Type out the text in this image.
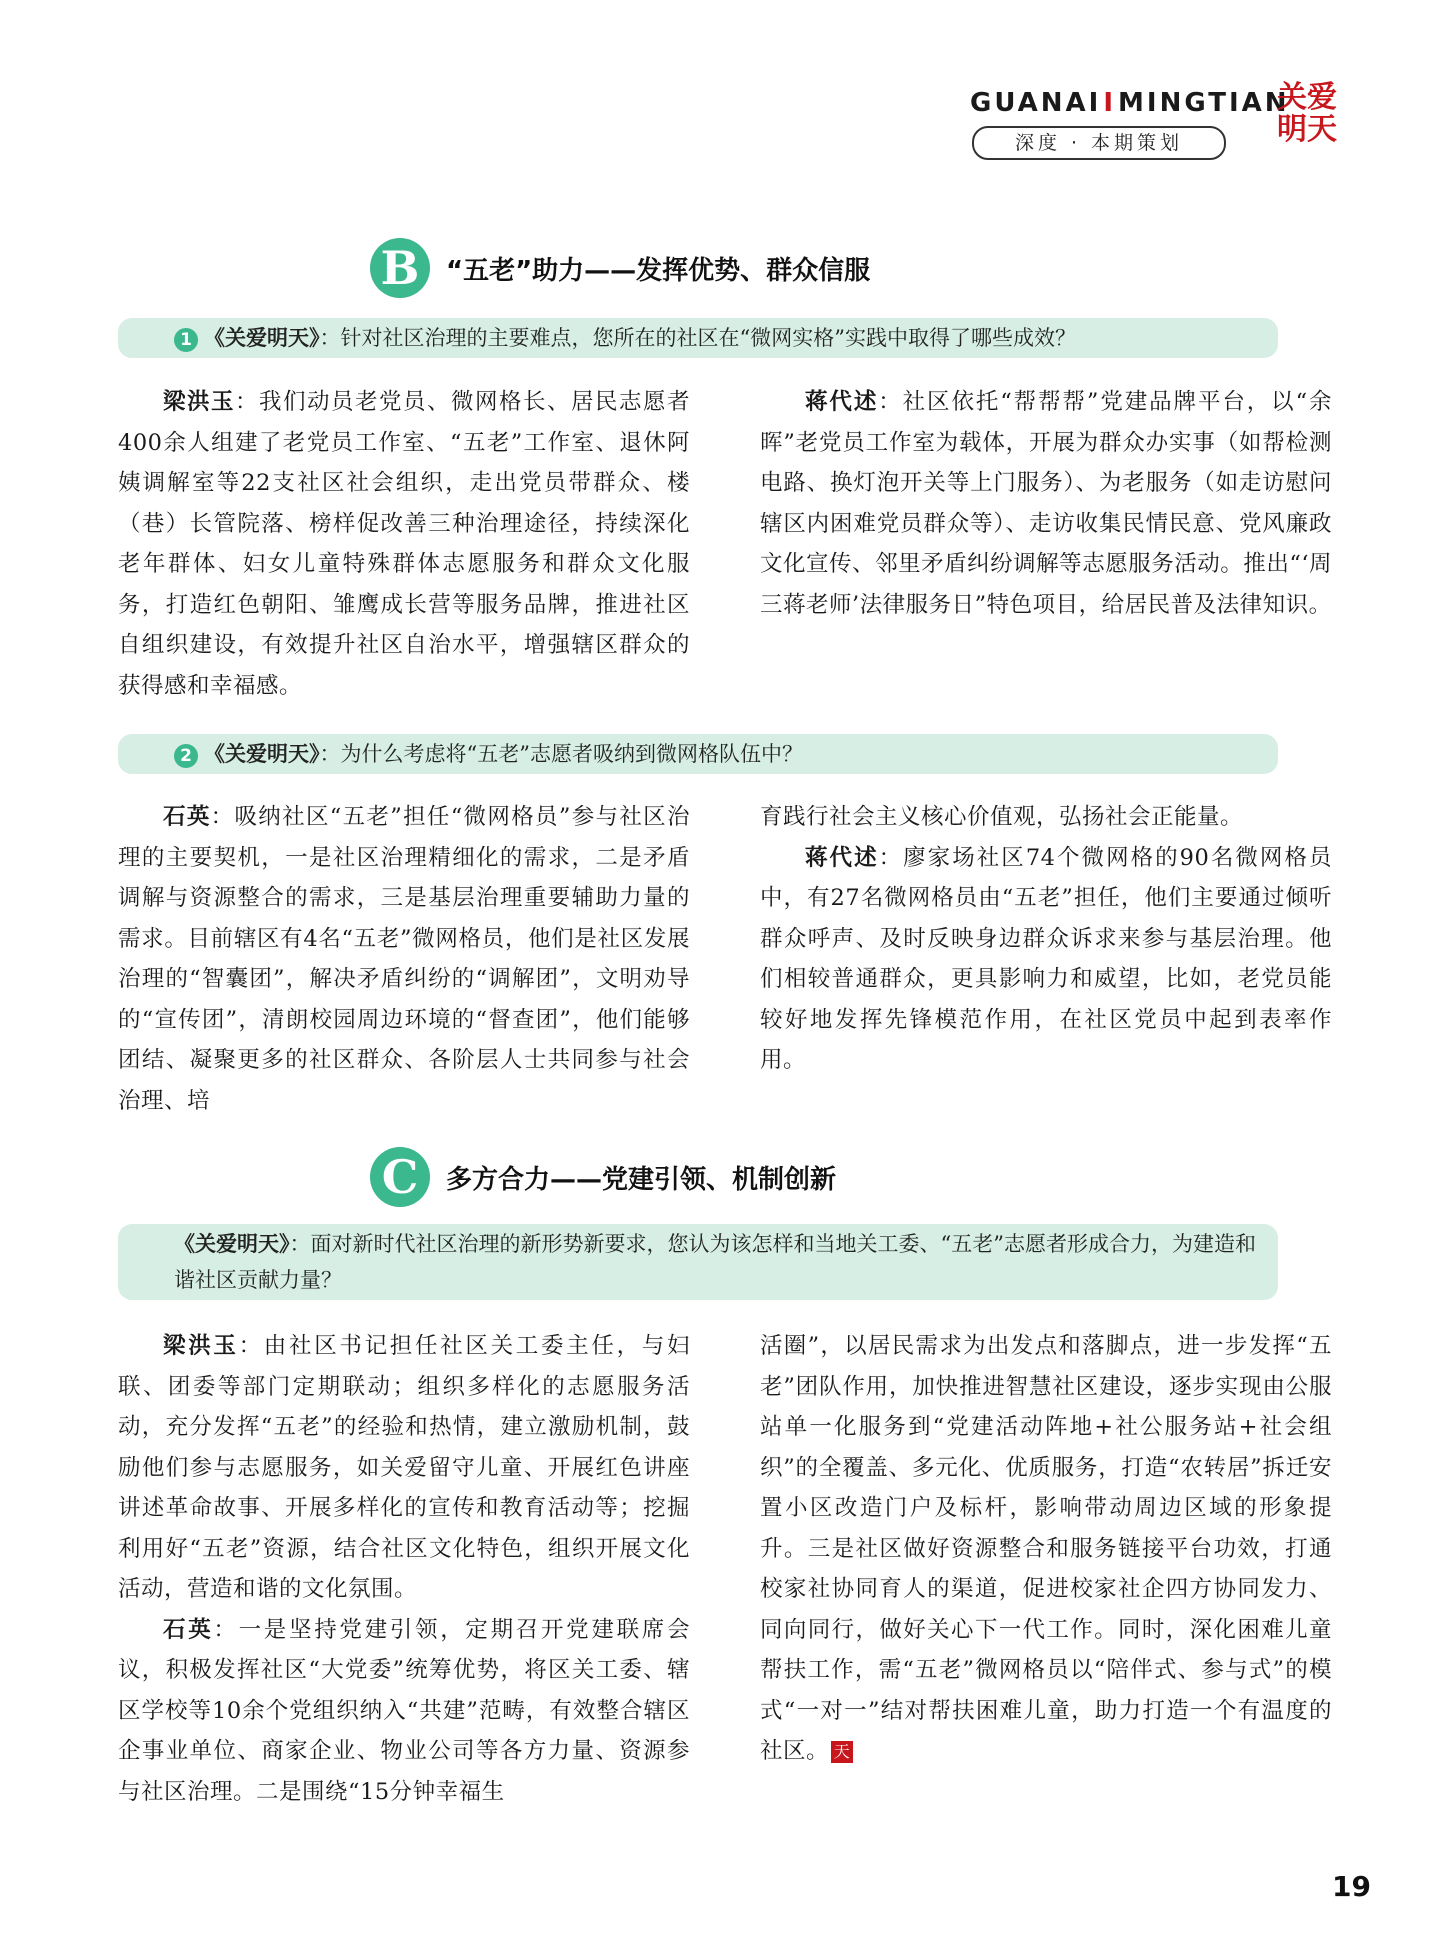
GUANAIIMINGTIAN
深度 · 本期策划
关爱
明天
B	“五老”助力——发挥优势、群众信服
1 《关爱明天》：针对社区治理的主要难点，您所在的社区在“微网实格”实践中取得了哪些成效？

梁洪玉：我们动员老党员、微网格长、居民志愿者400余人组建了老党员工作室、“五老”工作室、退休阿姨调解室等22支社区社会组织，走出党员带群众、楼（巷）长管院落、榜样促改善三种治理途径，持续深化老年群体、妇女儿童特殊群体志愿服务和群众文化服务，打造红色朝阳、雏鹰成长营等服务品牌，推进社区自组织建设，有效提升社区自治水平，增强辖区群众的获得感和幸福感。

蒋代述：社区依托“帮帮帮”党建品牌平台，以“余晖”老党员工作室为载体，开展为群众办实事（如帮检测电路、换灯泡开关等上门服务）、为老服务（如走访慰问辖区内困难党员群众等）、走访收集民情民意、党风廉政文化宣传、邻里矛盾纠纷调解等志愿服务活动。推出“‘周三蒋老师’法律服务日”特色项目，给居民普及法律知识。

2 《关爱明天》：为什么考虑将“五老”志愿者吸纳到微网格队伍中？

石英：吸纳社区“五老”担任“微网格员”参与社区治理的主要契机，一是社区治理精细化的需求，二是矛盾调解与资源整合的需求，三是基层治理重要辅助力量的需求。目前辖区有4名“五老”微网格员，他们是社区发展治理的“智囊团”，解决矛盾纠纷的“调解团”，文明劝导的“宣传团”，清朗校园周边环境的“督查团”，他们能够团结、凝聚更多的社区群众、各阶层人士共同参与社会治理、培

育践行社会主义核心价值观，弘扬社会正能量。

蒋代述：廖家场社区74个微网格的90名微网格员中，有27名微网格员由“五老”担任，他们主要通过倾听群众呼声、及时反映身边群众诉求来参与基层治理。他们相较普通群众，更具影响力和威望，比如，老党员能较好地发挥先锋模范作用，在社区党员中起到表率作用。

C	多方合力——党建引领、机制创新
《关爱明天》：面对新时代社区治理的新形势新要求，您认为该怎样和当地关工委、“五老”志愿者形成合力，为建造和谐社区贡献力量？

梁洪玉：由社区书记担任社区关工委主任，与妇联、团委等部门定期联动；组织多样化的志愿服务活动，充分发挥“五老”的经验和热情，建立激励机制，鼓励他们参与志愿服务，如关爱留守儿童、开展红色讲座讲述革命故事、开展多样化的宣传和教育活动等；挖掘利用好“五老”资源，结合社区文化特色，组织开展文化活动，营造和谐的文化氛围。

石英：一是坚持党建引领，定期召开党建联席会议，积极发挥社区“大党委”统筹优势，将区关工委、辖区学校等10余个党组织纳入“共建”范畴，有效整合辖区企事业单位、商家企业、物业公司等各方力量、资源参与社区治理。二是围绕“15分钟幸福生

活圈”，以居民需求为出发点和落脚点，进一步发挥“五老”团队作用，加快推进智慧社区建设，逐步实现由公服站单一化服务到“党建活动阵地+社公服务站+社会组织”的全覆盖、多元化、优质服务，打造“农转居”拆迁安置小区改造门户及标杆，影响带动周边区域的形象提升。三是社区做好资源整合和服务链接平台功效，打通校家社协同育人的渠道，促进校家社企四方协同发力、同向同行，做好关心下一代工作。同时，深化困难儿童帮扶工作，需“五老”微网格员以“陪伴式、参与式”的模式“一对一”结对帮扶困难儿童，助力打造一个有温度的社区。 天

19
